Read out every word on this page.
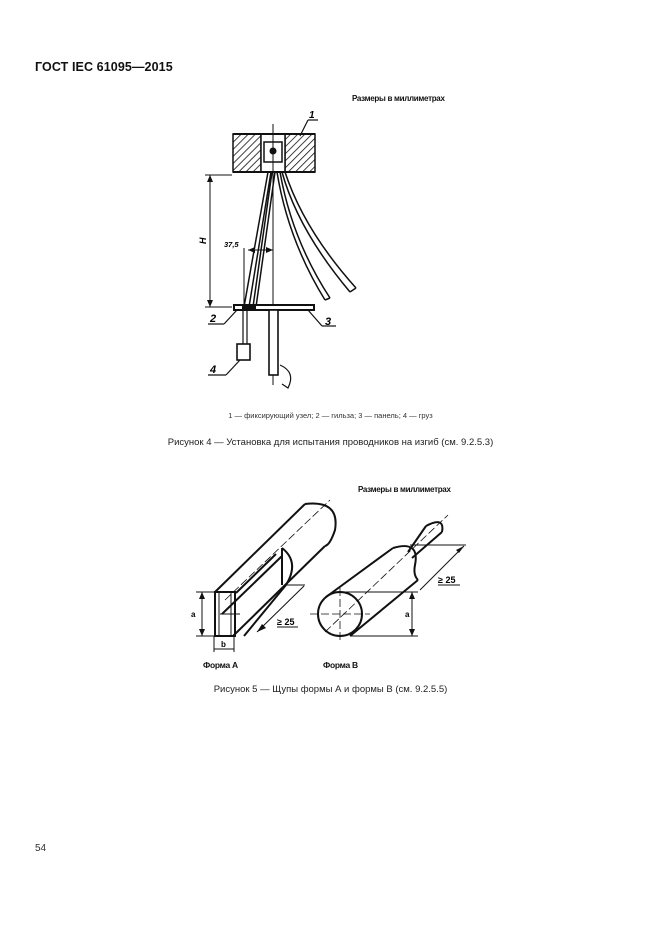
ГОСТ IEC 61095—2015
Размеры в миллиметрах
1
H 37,5
2	3
4
1 — фиксирующий узел; 2 — гильза; 3 — панель; 4 — груз
Рисунок 4 — Установка для испытания проводников на изгиб (см. 9.2.5.3)
Размеры в миллиметрах
a
b
≥ 25
a
≥ 25
Форма А	Форма В
Рисунок 5 — Щупы формы А и формы В (см. 9.2.5.5)
54
